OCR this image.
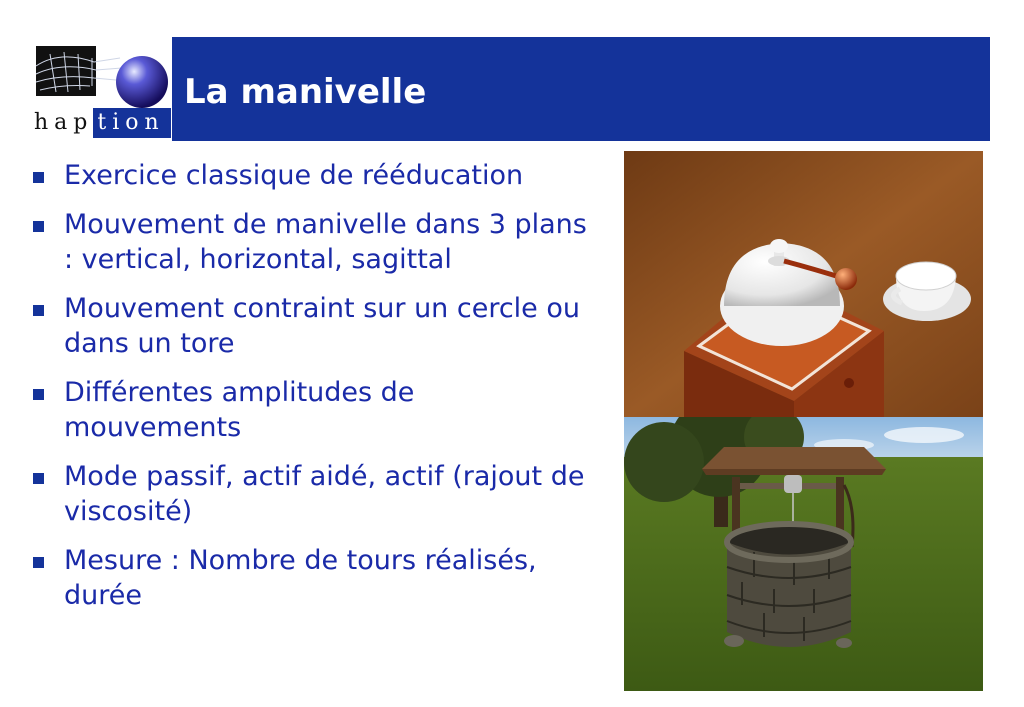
hap tion
La manivelle
Exercice classique de rééducation
Mouvement de manivelle dans 3 plans : vertical, horizontal, sagittal
Mouvement contraint sur un cercle ou dans un tore
Différentes amplitudes de mouvements
Mode passif, actif aidé, actif (rajout de viscosité)
Mesure : Nombre de tours réalisés, durée
